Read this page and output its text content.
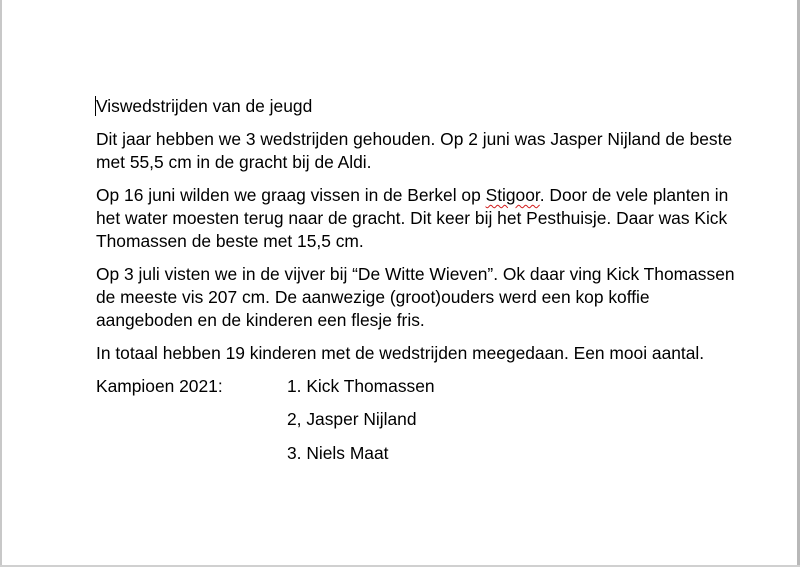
Viswedstrijden van de jeugd

Dit jaar hebben we 3 wedstrijden gehouden. Op 2 juni was Jasper Nijland de beste met 55,5 cm in de gracht bij de Aldi.

Op 16 juni wilden we graag vissen in de Berkel op Stigoor. Door de vele planten in het water moesten terug naar de gracht. Dit keer bij het Pesthuisje. Daar was Kick Thomassen de beste met 15,5 cm.

Op 3 juli visten we in de vijver bij “De Witte Wieven”. Ok daar ving Kick Thomassen de meeste vis 207 cm. De aanwezige (groot)ouders werd een kop koffie aangeboden en de kinderen een flesje fris.

In totaal hebben 19 kinderen met de wedstrijden meegedaan. Een mooi aantal.

Kampioen 2021:	1. Kick Thomassen
2, Jasper Nijland
3. Niels Maat
